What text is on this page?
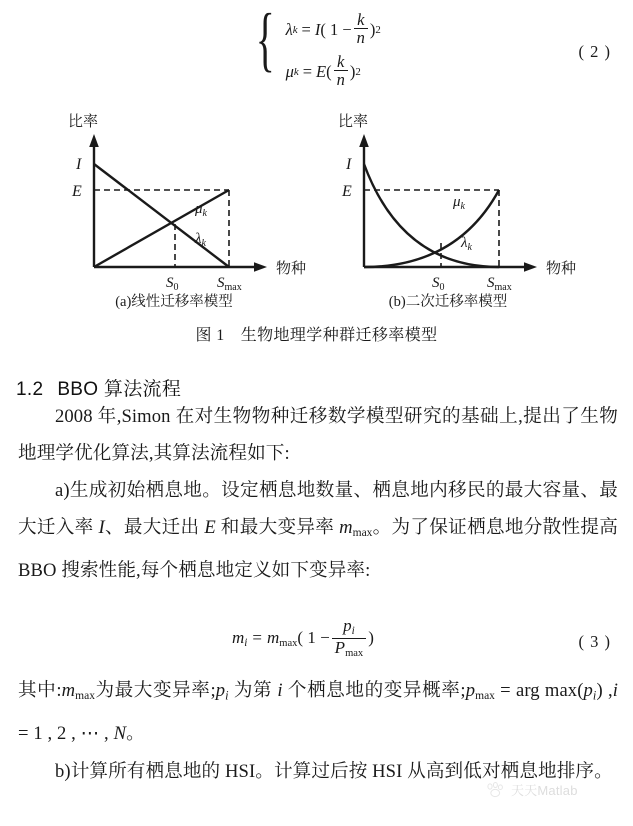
{ λ k = I ( $1 - \frac{k}{n}$ ) 2
μ k = E ( $\frac{k}{n}$ ) 2
( 2 )
比率
物种
I
E
$S_0$	$S_{max}$
$\mu_k$
$\lambda_k$
(a)线性迁移率模型
比率
物种
I
E
$S_0$	$S_{max}$
$\mu_k$
$\lambda_k$
(b)二次迁移率模型
图 1 生物地理学种群迁移率模型
1.2 BBO 算法流程

2008 年,Simon 在对生物物种迁移数学模型研究的基础上,提出了生物地理学优化算法,其算法流程如下:

a)生成初始栖息地。设定栖息地数量、栖息地内移民的最大容量、最大迁入率 I、最大迁出 E 和最大变异率 $m_{max}$。为了保证栖息地分散性提高 BBO 搜索性能,每个栖息地定义如下变异率:

$m_i = m_{max}$( $1 - \frac{p_i}{P_{max}}$ )	( 3 )

其中$:m_{max}$为最大变异率$;p_i$ 为第 i 个栖息地的变异概率$;p_{max}$ = arg $\max(p_i) ,i = 1$ , 2 , ⋯ , N。

b)计算所有栖息地的 HSI。计算过后按 HSI 从高到低对栖息地排序。

天天Matlab
